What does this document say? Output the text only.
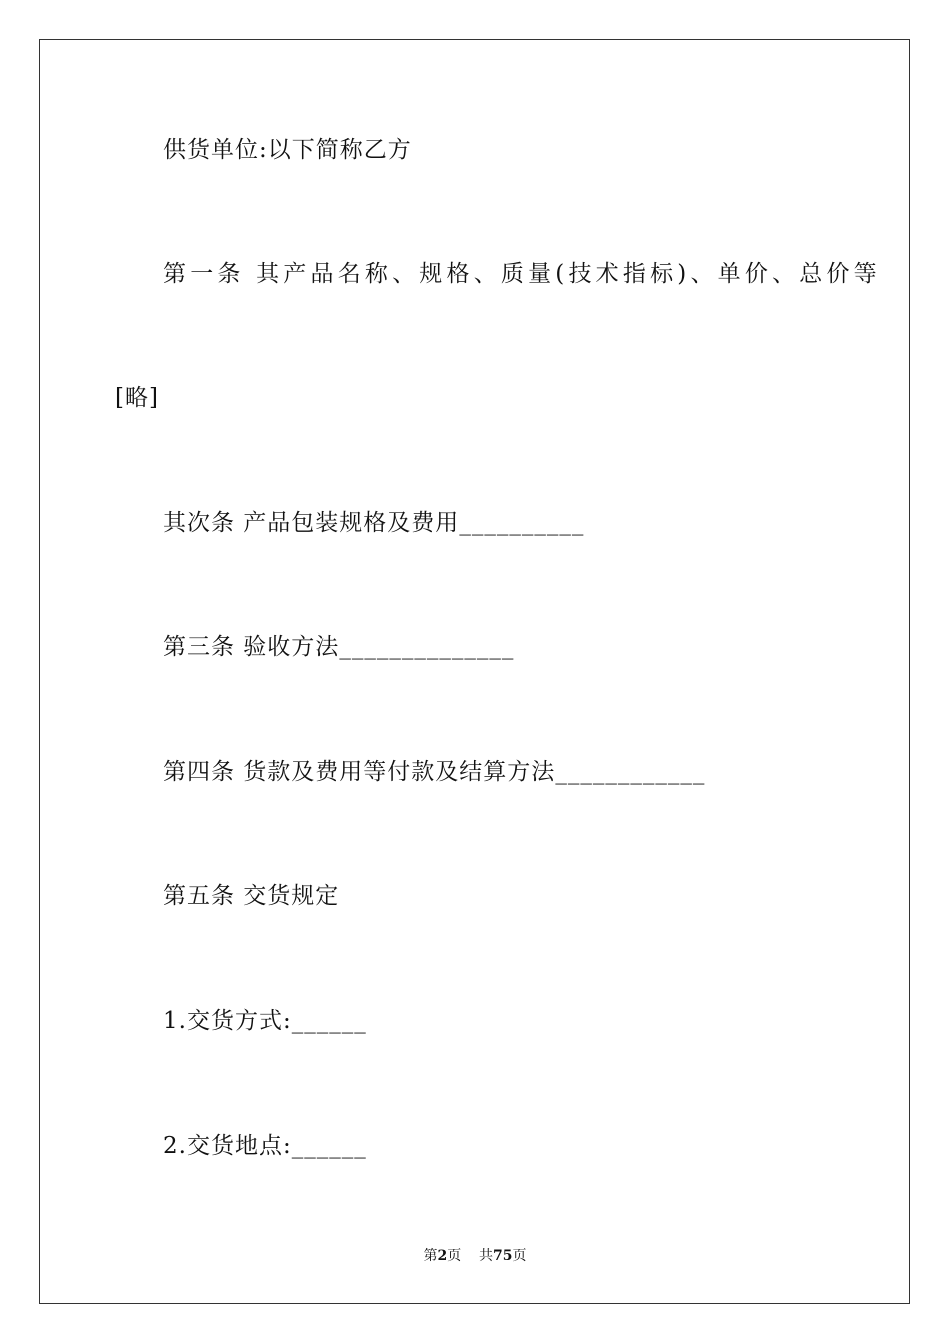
供货单位:以下简称乙方
第一条 其产品名称、规格、质量(技术指标)、单价、总价等
[略]
其次条 产品包装规格及费用__________
第三条 验收方法______________
第四条 货款及费用等付款及结算方法____________
第五条 交货规定
1.交货方式:______
2.交货地点:______
第2页 共75页
